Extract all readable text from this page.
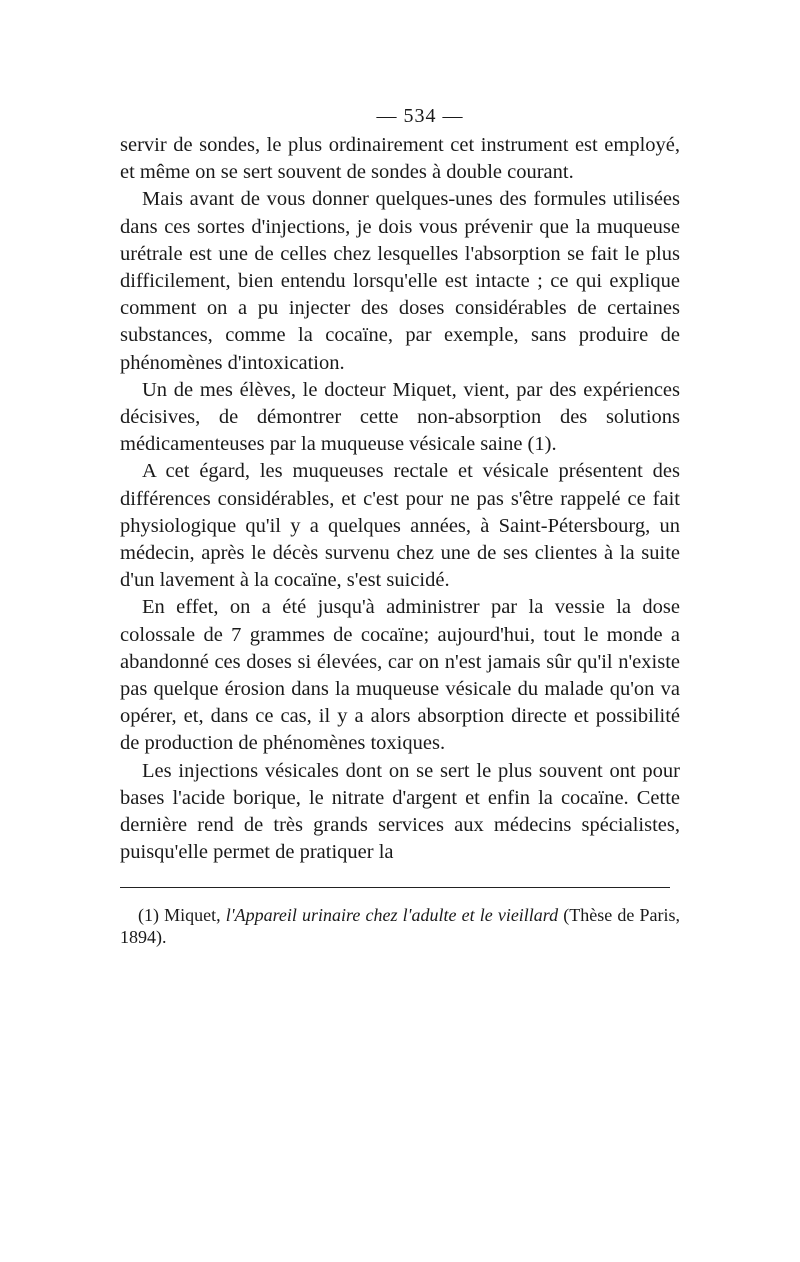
— 534 —

servir de sondes, le plus ordinairement cet instrument est employé, et même on se sert souvent de sondes à double courant.

Mais avant de vous donner quelques-unes des formules utilisées dans ces sortes d'injections, je dois vous prévenir que la muqueuse urétrale est une de celles chez lesquelles l'absorption se fait le plus difficilement, bien entendu lorsqu'elle est intacte ; ce qui explique comment on a pu injecter des doses considérables de certaines substances, comme la cocaïne, par exemple, sans produire de phénomènes d'intoxication.

Un de mes élèves, le docteur Miquet, vient, par des expériences décisives, de démontrer cette non-absorption des solutions médicamenteuses par la muqueuse vésicale saine (1).

A cet égard, les muqueuses rectale et vésicale présentent des différences considérables, et c'est pour ne pas s'être rappelé ce fait physiologique qu'il y a quelques années, à Saint-Pétersbourg, un médecin, après le décès survenu chez une de ses clientes à la suite d'un lavement à la cocaïne, s'est suicidé.

En effet, on a été jusqu'à administrer par la vessie la dose colossale de 7 grammes de cocaïne; aujourd'hui, tout le monde a abandonné ces doses si élevées, car on n'est jamais sûr qu'il n'existe pas quelque érosion dans la muqueuse vésicale du malade qu'on va opérer, et, dans ce cas, il y a alors absorption directe et possibilité de production de phénomènes toxiques.

Les injections vésicales dont on se sert le plus souvent ont pour bases l'acide borique, le nitrate d'argent et enfin la cocaïne. Cette dernière rend de très grands services aux médecins spécialistes, puisqu'elle permet de pratiquer la

(1) Miquet, l'Appareil urinaire chez l'adulte et le vieillard (Thèse de Paris, 1894).
